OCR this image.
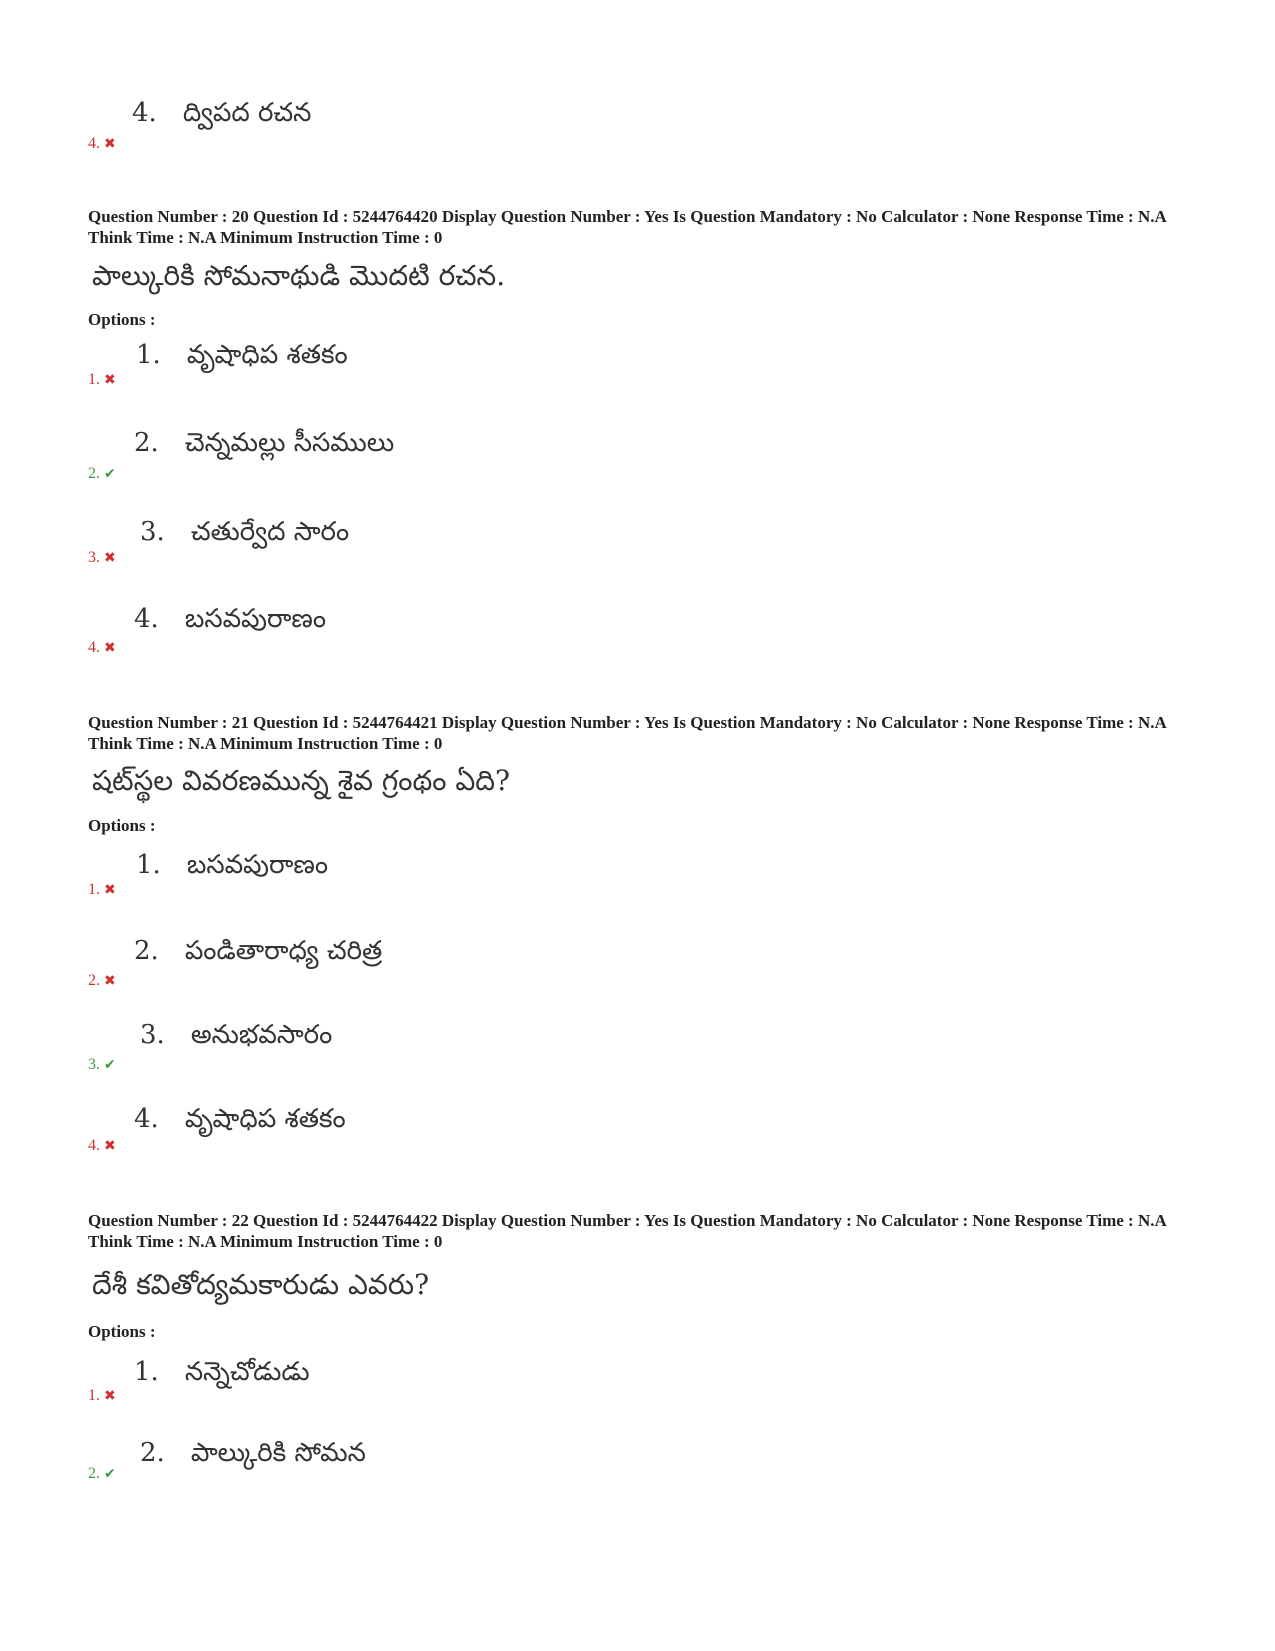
4. ద్విపద రచన
4. ✖
Question Number : 20 Question Id : 5244764420 Display Question Number : Yes Is Question Mandatory : No Calculator : None Response Time : N.A Think Time : N.A Minimum Instruction Time : 0
పాల్కురికి సోమనాథుడి మొదటి రచన.
Options :
1. వృషాధిప శతకం
1. ✖
2. చెన్నమల్లు సీసములు
2. ✔
3. చతుర్వేద సారం
3. ✖
4. బసవపురాణం
4. ✖
Question Number : 21 Question Id : 5244764421 Display Question Number : Yes Is Question Mandatory : No Calculator : None Response Time : N.A Think Time : N.A Minimum Instruction Time : 0
షట్‌స్థల వివరణమున్న శైవ గ్రంథం ఏది?
Options :
1. బసవపురాణం
1. ✖
2. పండితారాధ్య చరిత్ర
2. ✖
3. అనుభవసారం
3. ✔
4. వృషాధిప శతకం
4. ✖
Question Number : 22 Question Id : 5244764422 Display Question Number : Yes Is Question Mandatory : No Calculator : None Response Time : N.A Think Time : N.A Minimum Instruction Time : 0
దేశీ కవితోద్యమకారుడు ఎవరు?
Options :
1. నన్నెచోడుడు
1. ✖
2. పాల్కురికి సోమన
2. ✔
